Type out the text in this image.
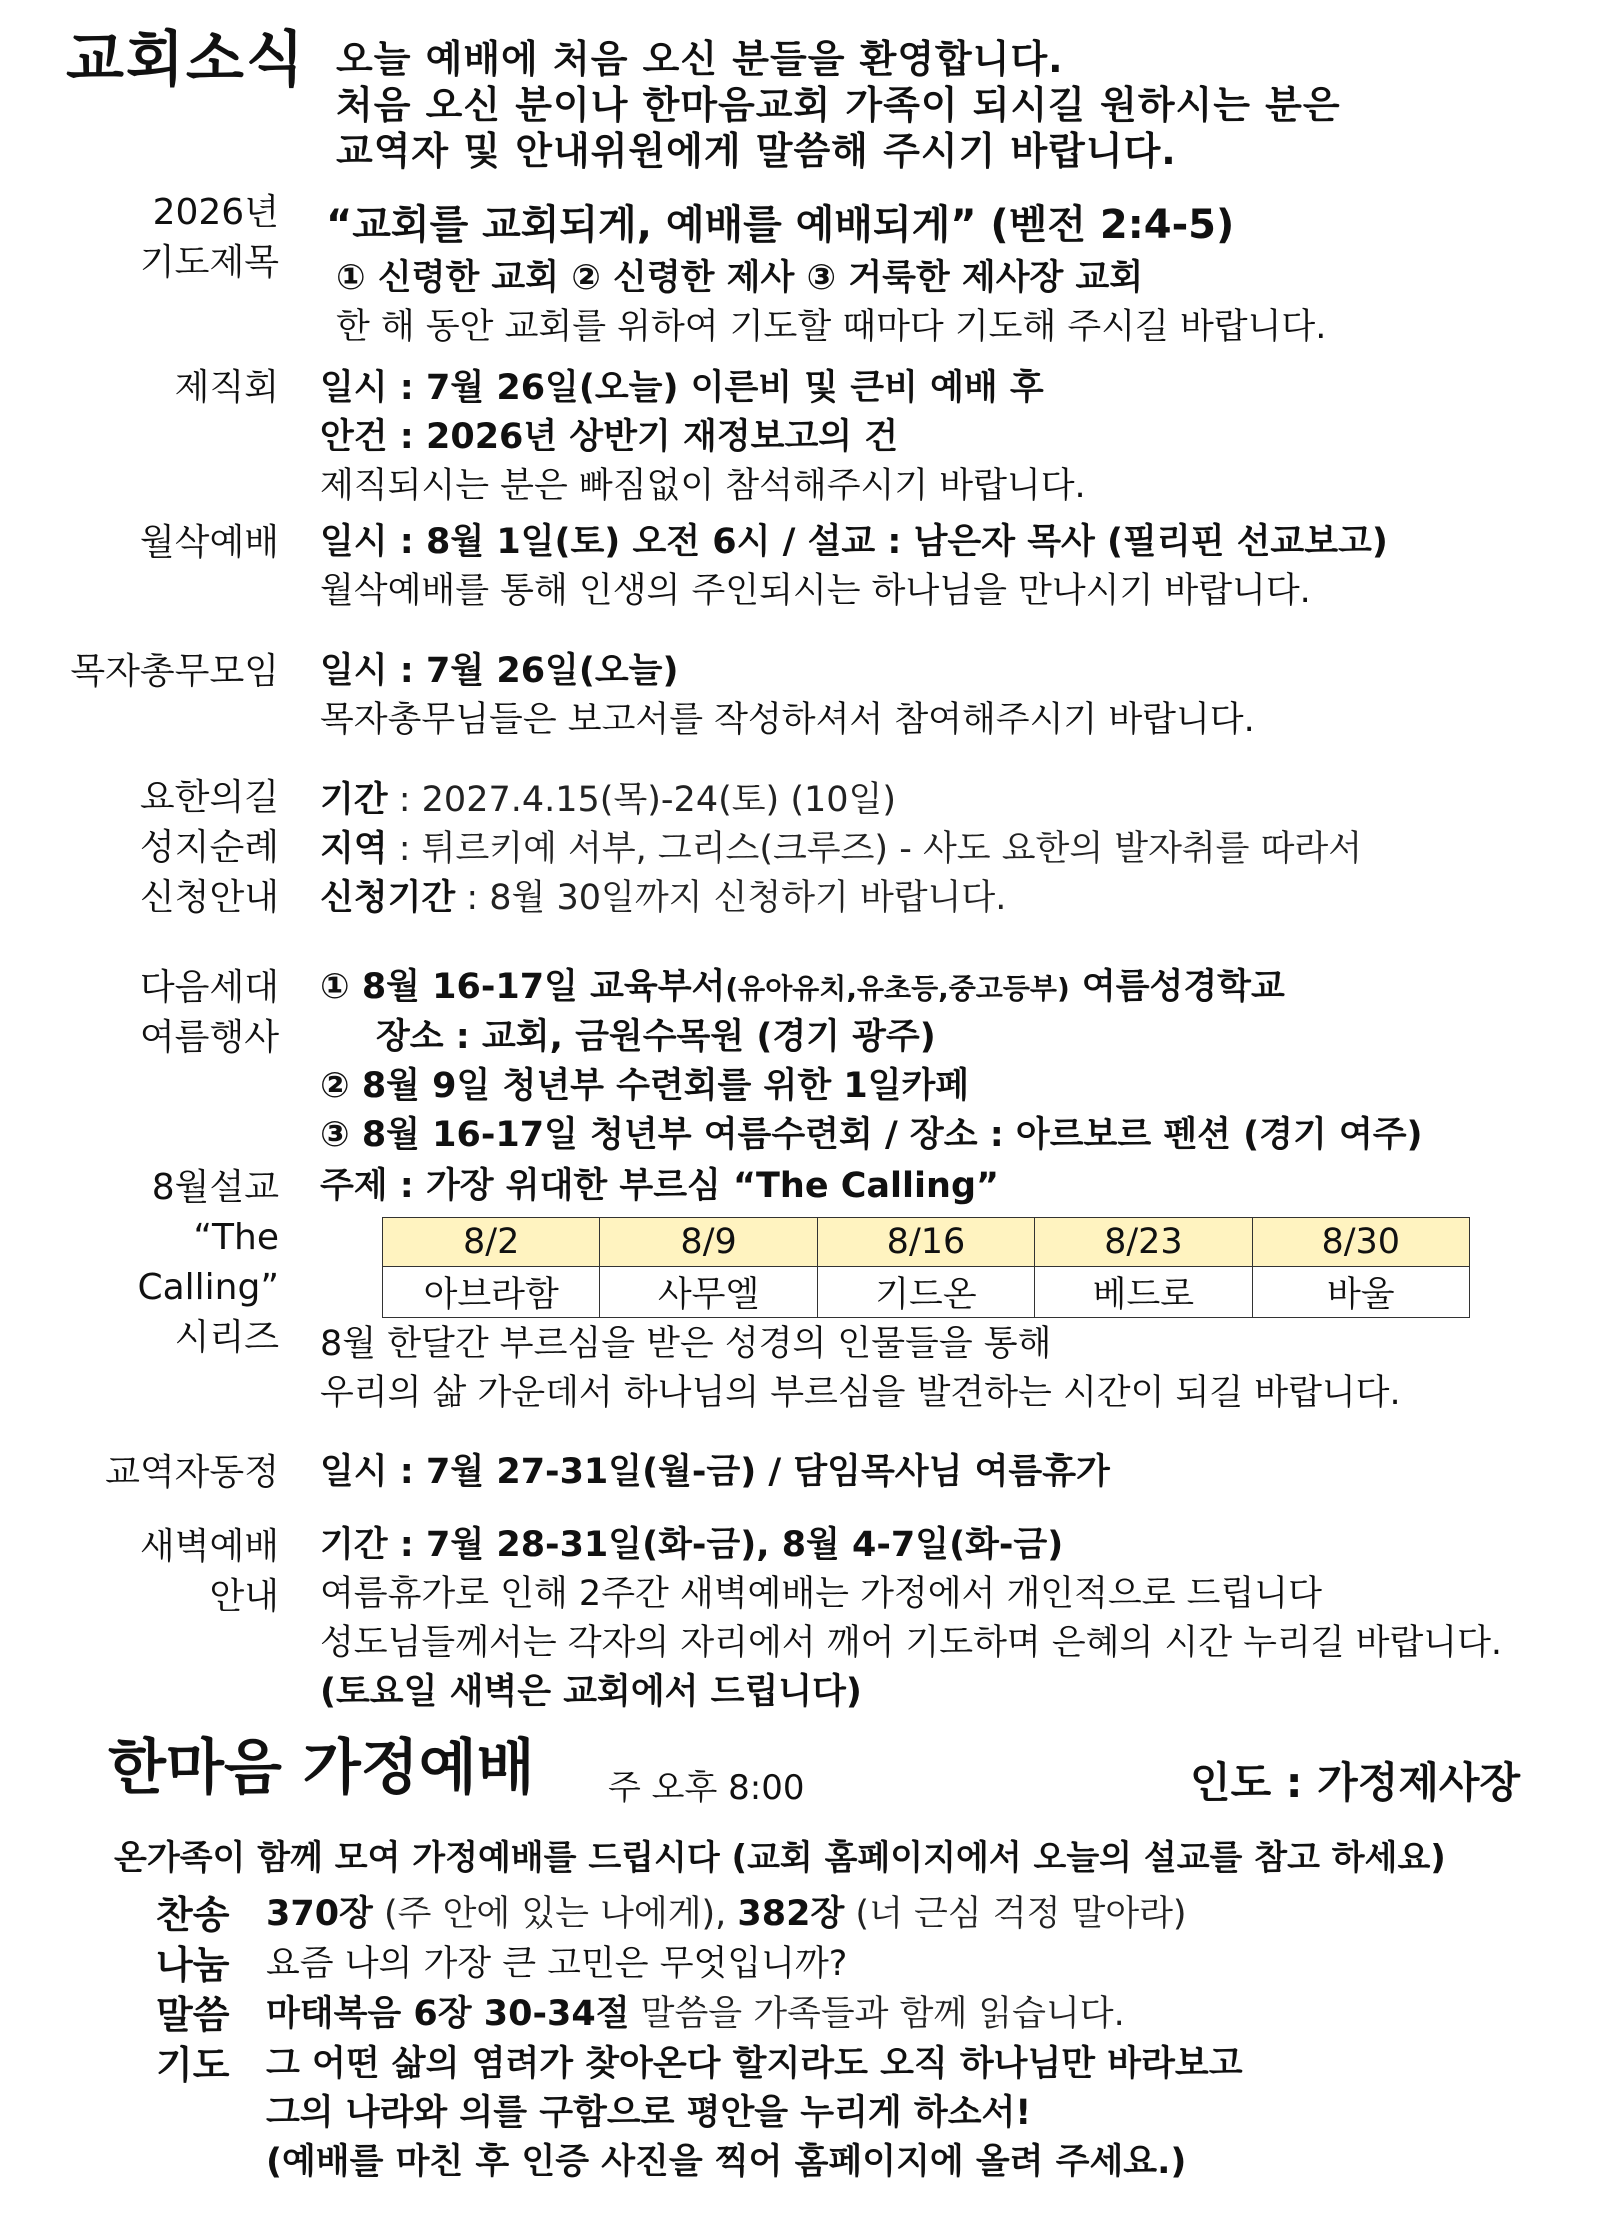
교회소식 오늘 예배에 처음 오신 분들을 환영합니다.
처음 오신 분이나 한마음교회 가족이 되시길 원하시는 분은
교역자 및 안내위원에게 말씀해 주시기 바랍니다.
2026년
기도제목
“교회를 교회되게, 예배를 예배되게” (벧전 2:4-5)
① 신령한 교회 ② 신령한 제사 ③ 거룩한 제사장 교회
한 해 동안 교회를 위하여 기도할 때마다 기도해 주시길 바랍니다.
제직회 일시 : 7월 26일(오늘) 이른비 및 큰비 예배 후
안건 : 2026년 상반기 재정보고의 건
제직되시는 분은 빠짐없이 참석해주시기 바랍니다.
월삭예배 일시 : 8월 1일(토) 오전 6시 / 설교 : 남은자 목사 (필리핀 선교보고)
월삭예배를 통해 인생의 주인되시는 하나님을 만나시기 바랍니다.
목자총무모임 일시 : 7월 26일(오늘)
목자총무님들은 보고서를 작성하셔서 참여해주시기 바랍니다.
요한의길
성지순례
신청안내
기간 : 2027.4.15(목)-24(토) (10일)
지역 : 튀르키예 서부, 그리스(크루즈) - 사도 요한의 발자취를 따라서
신청기간 : 8월 30일까지 신청하기 바랍니다.
다음세대
여름행사
① 8월 16-17일 교육부서(유아유치,유초등,중고등부) 여름성경학교
장소 : 교회, 금원수목원 (경기 광주)
② 8월 9일 청년부 수련회를 위한 1일카페
③ 8월 16-17일 청년부 여름수련회 / 장소 : 아르보르 펜션 (경기 여주)
8월설교
“The
Calling”
시리즈
주제 : 가장 위대한 부르심 “The Calling”
8/2	8/9	8/16	8/23	8/30
아브라함	사무엘	기드온	베드로	바울
8월 한달간 부르심을 받은 성경의 인물들을 통해
우리의 삶 가운데서 하나님의 부르심을 발견하는 시간이 되길 바랍니다.
교역자동정 일시 : 7월 27-31일(월-금) / 담임목사님 여름휴가
새벽예배
안내
기간 : 7월 28-31일(화-금), 8월 4-7일(화-금)
여름휴가로 인해 2주간 새벽예배는 가정에서 개인적으로 드립니다
성도님들께서는 각자의 자리에서 깨어 기도하며 은혜의 시간 누리길 바랍니다.
(토요일 새벽은 교회에서 드립니다)
한마음 가정예배 주 오후 8:00	인도 : 가정제사장
온가족이 함께 모여 가정예배를 드립시다 (교회 홈페이지에서 오늘의 설교를 참고 하세요)
찬송 370장 (주 안에 있는 나에게), 382장 (너 근심 걱정 말아라)
나눔 요즘 나의 가장 큰 고민은 무엇입니까?
말씀 마태복음 6장 30-34절 말씀을 가족들과 함께 읽습니다.
기도 그 어떤 삶의 염려가 찾아온다 할지라도 오직 하나님만 바라보고
그의 나라와 의를 구함으로 평안을 누리게 하소서!
(예배를 마친 후 인증 사진을 찍어 홈페이지에 올려 주세요.)
